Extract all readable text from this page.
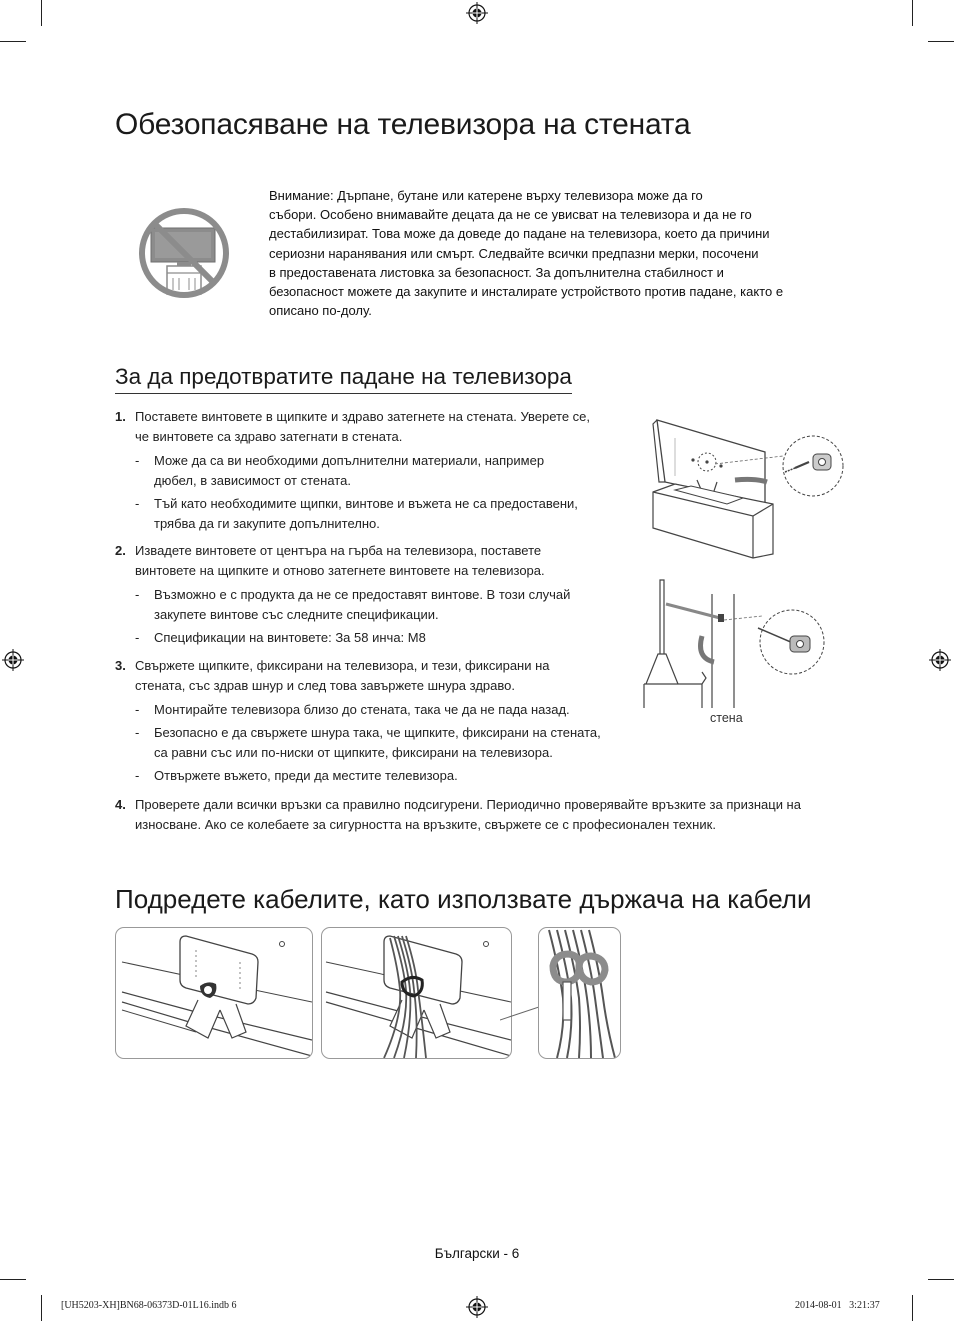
Обезопасяване на телевизора на стената
Внимание: Дърпане, бутане или катерене върху телевизора може да го
събори. Особено внимавайте децата да не се увисват на телевизора и да не го
дестабилизират. Това може да доведе до падане на телевизора, което да причини
сериозни наранявания или смърт. Следвайте всички предпазни мерки, посочени
в предоставената листовка за безопасност. За допълнителна стабилност и
безопасност можете да закупите и инсталирате устройството против падане, както е
описано по-долу.
За да предотвратите падане на телевизора
1. Поставете винтовете в щипките и здраво затегнете на стената. Уверете се,
че винтовете са здраво затегнати в стената.
- Може да са ви необходими допълнителни материали, например
дюбел, в зависимост от стената.
- Тъй като необходимите щипки, винтове и въжета не са предоставени,
трябва да ги закупите допълнително.
2. Извадете винтовете от центъра на гърба на телевизора, поставете
винтовете на щипките и отново затегнете винтовете на телевизора.
- Възможно е с продукта да не се предоставят винтове. В този случай
закупете винтове със следните спецификации.
- Спецификации на винтовете: За 58 инча: M8
3. Свържете щипките, фиксирани на телевизора, и тези, фиксирани на
стената, със здрав шнур и след това завържете шнура здраво.
- Монтирайте телевизора близо до стената, така че да не пада назад.
- Безопасно е да свържете шнура така, че щипките, фиксирани на стената,
са равни със или по-ниски от щипките, фиксирани на телевизора.
- Отвържете въжето, преди да местите телевизора.
4. Проверете дали всички връзки са правилно подсигурени. Периодично проверявайте връзките за признаци на
износване. Ако се колебаете за сигурността на връзките, свържете се с професионален техник.
стена
Подредете кабелите, като използвате държача на кабели
Български - 6
[UH5203-XH]BN68-06373D-01L16.indb 6	2014-08-01   3:21:37
